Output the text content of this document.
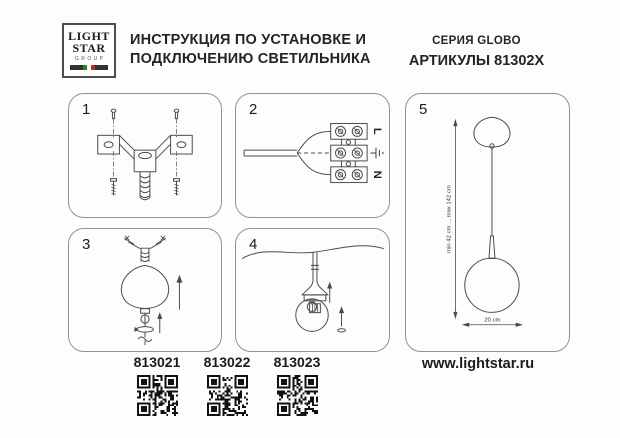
LIGHT
STAR
GROUP
ИНСТРУКЦИЯ ПО УСТАНОВКЕ И
ПОДКЛЮЧЕНИЮ СВЕТИЛЬНИКА
СЕРИЯ GLOBO
АРТИКУЛЫ 81302X
1	2
L
N
3	4
5
min 42 cm ... max 142 cm
20 cm
813021	813022	813023	www.lightstar.ru
